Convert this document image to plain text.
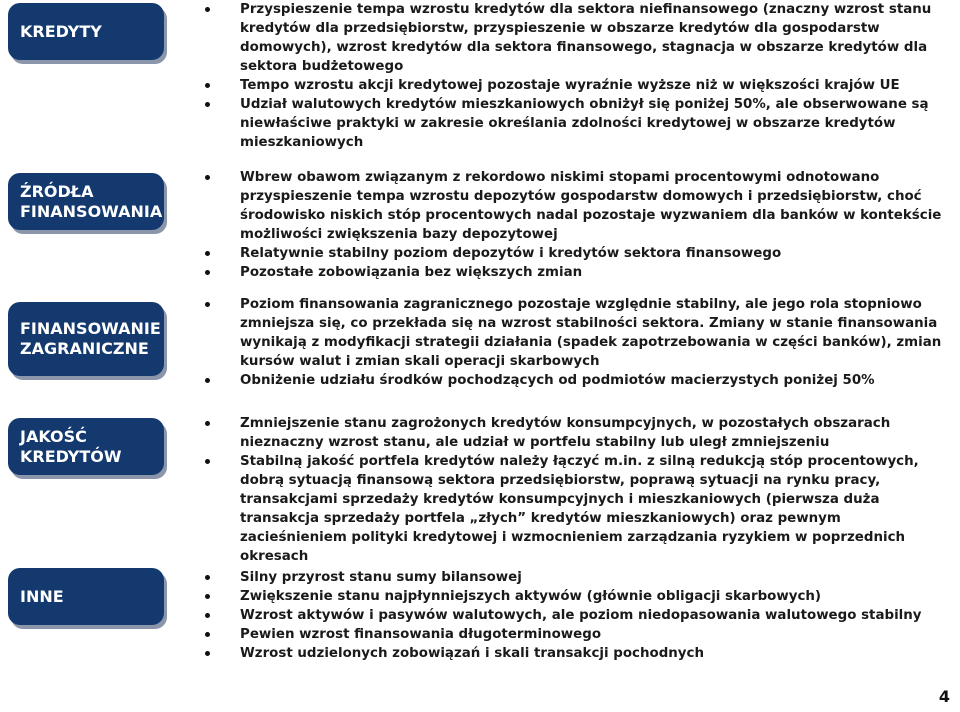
KREDYTY
Przyspieszenie tempa wzrostu kredytów dla sektora niefinansowego (znaczny wzrost stanu kredytów dla przedsiębiorstw, przyspieszenie w obszarze kredytów dla gospodarstw domowych), wzrost kredytów dla sektora finansowego, stagnacja w obszarze kredytów dla sektora budżetowego
Tempo wzrostu akcji kredytowej pozostaje wyraźnie wyższe niż w większości krajów UE
Udział walutowych kredytów mieszkaniowych obniżył się poniżej 50%, ale obserwowane są niewłaściwe praktyki w zakresie określania zdolności kredytowej w obszarze kredytów mieszkaniowych
ŹRÓDŁA
FINANSOWANIA
Wbrew obawom związanym z rekordowo niskimi stopami procentowymi odnotowano przyspieszenie tempa wzrostu depozytów gospodarstw domowych i przedsiębiorstw, choć środowisko niskich stóp procentowych nadal pozostaje wyzwaniem dla banków w kontekście możliwości zwiększenia bazy depozytowej
Relatywnie stabilny poziom depozytów i kredytów sektora finansowego
Pozostałe zobowiązania bez większych zmian
FINANSOWANIE
ZAGRANICZNE
Poziom finansowania zagranicznego pozostaje względnie stabilny, ale jego rola stopniowo zmniejsza się, co przekłada się na wzrost stabilności sektora. Zmiany w stanie finansowania wynikają z modyfikacji strategii działania (spadek zapotrzebowania w części banków), zmian kursów walut i zmian skali operacji skarbowych
Obniżenie udziału środków pochodzących od podmiotów macierzystych poniżej 50%
JAKOŚĆ
KREDYTÓW
Zmniejszenie stanu zagrożonych kredytów konsumpcyjnych, w pozostałych obszarach nieznaczny wzrost stanu, ale udział w portfelu stabilny lub uległ zmniejszeniu
Stabilną jakość portfela kredytów należy łączyć m.in. z silną redukcją stóp procentowych, dobrą sytuacją finansową sektora przedsiębiorstw, poprawą sytuacji na rynku pracy, transakcjami sprzedaży kredytów konsumpcyjnych i mieszkaniowych (pierwsza duża transakcja sprzedaży portfela „złych” kredytów mieszkaniowych) oraz pewnym zacieśnieniem polityki kredytowej i wzmocnieniem zarządzania ryzykiem w poprzednich okresach
INNE
Silny przyrost stanu sumy bilansowej
Zwiększenie stanu najpłynniejszych aktywów (głównie obligacji skarbowych)
Wzrost aktywów i pasywów walutowych, ale poziom niedopasowania walutowego stabilny
Pewien wzrost finansowania długoterminowego
Wzrost udzielonych zobowiązań i skali transakcji pochodnych
4
